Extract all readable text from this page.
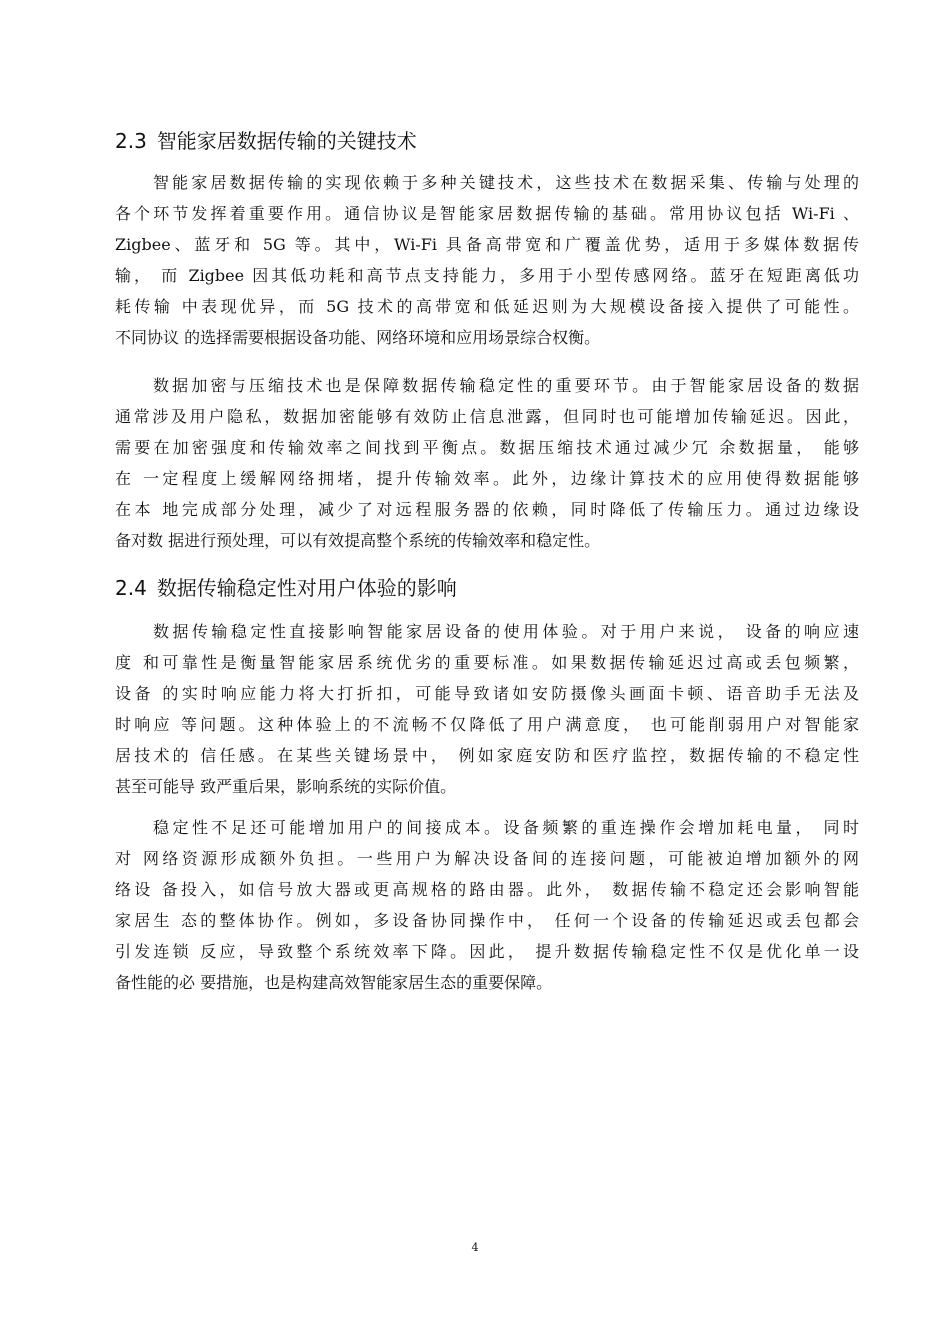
2.3 智能家居数据传输的关键技术
智能家居数据传输的实现依赖于多种关键技术，这些技术在数据采集、传输与处理的
各个环节发挥着重要作用。通信协议是智能家居数据传输的基础。常用协议包括 Wi-Fi 、
Zigbee、蓝牙和 5G 等。其中，Wi-Fi 具备高带宽和广覆盖优势，适用于多媒体数据传
输， 而 Zigbee 因其低功耗和高节点支持能力，多用于小型传感网络。蓝牙在短距离低功
耗传输 中表现优异，而 5G 技术的高带宽和低延迟则为大规模设备接入提供了可能性。
不同协议 的选择需要根据设备功能、网络环境和应用场景综合权衡。
数据加密与压缩技术也是保障数据传输稳定性的重要环节。由于智能家居设备的数据
通常涉及用户隐私，数据加密能够有效防止信息泄露，但同时也可能增加传输延迟。因此，
需要在加密强度和传输效率之间找到平衡点。数据压缩技术通过减少冗 余数据量， 能够
在 一定程度上缓解网络拥堵，提升传输效率。此外，边缘计算技术的应用使得数据能够
在本 地完成部分处理，减少了对远程服务器的依赖，同时降低了传输压力。通过边缘设
备对数 据进行预处理，可以有效提高整个系统的传输效率和稳定性。
2.4 数据传输稳定性对用户体验的影响
数据传输稳定性直接影响智能家居设备的使用体验。对于用户来说， 设备的响应速
度 和可靠性是衡量智能家居系统优劣的重要标准。如果数据传输延迟过高或丢包频繁，
设备 的实时响应能力将大打折扣，可能导致诸如安防摄像头画面卡顿、语音助手无法及
时响应 等问题。这种体验上的不流畅不仅降低了用户满意度， 也可能削弱用户对智能家
居技术的 信任感。在某些关键场景中， 例如家庭安防和医疗监控，数据传输的不稳定性
甚至可能导 致严重后果，影响系统的实际价值。
稳定性不足还可能增加用户的间接成本。设备频繁的重连操作会增加耗电量， 同时
对 网络资源形成额外负担。一些用户为解决设备间的连接问题，可能被迫增加额外的网
络设 备投入，如信号放大器或更高规格的路由器。此外， 数据传输不稳定还会影响智能
家居生 态的整体协作。例如，多设备协同操作中， 任何一个设备的传输延迟或丢包都会
引发连锁 反应，导致整个系统效率下降。因此， 提升数据传输稳定性不仅是优化单一设
备性能的必 要措施，也是构建高效智能家居生态的重要保障。
4
